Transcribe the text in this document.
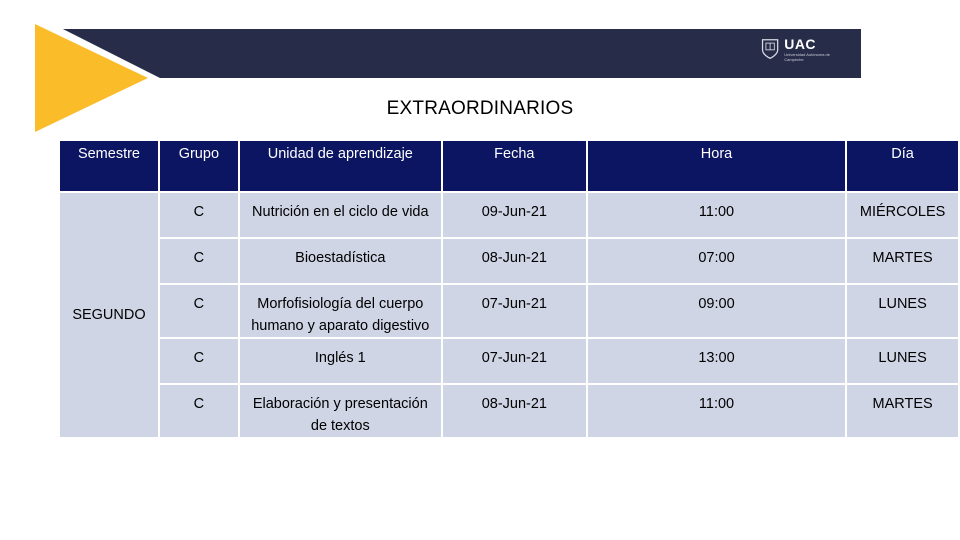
UAC
Universidad Autónoma de Campeche
EXTRAORDINARIOS
Semestre	Grupo	Unidad de aprendizaje	Fecha	Hora	Día
SEGUNDO	C	Nutrición en el ciclo de vida	09-Jun-21	11:00	MIÉRCOLES
	C	Bioestadística	08-Jun-21	07:00	MARTES
	C	Morfofisiología del cuerpo humano y aparato digestivo	07-Jun-21	09:00	LUNES
	C	Inglés 1	07-Jun-21	13:00	LUNES
	C	Elaboración y presentación de textos	08-Jun-21	11:00	MARTES
